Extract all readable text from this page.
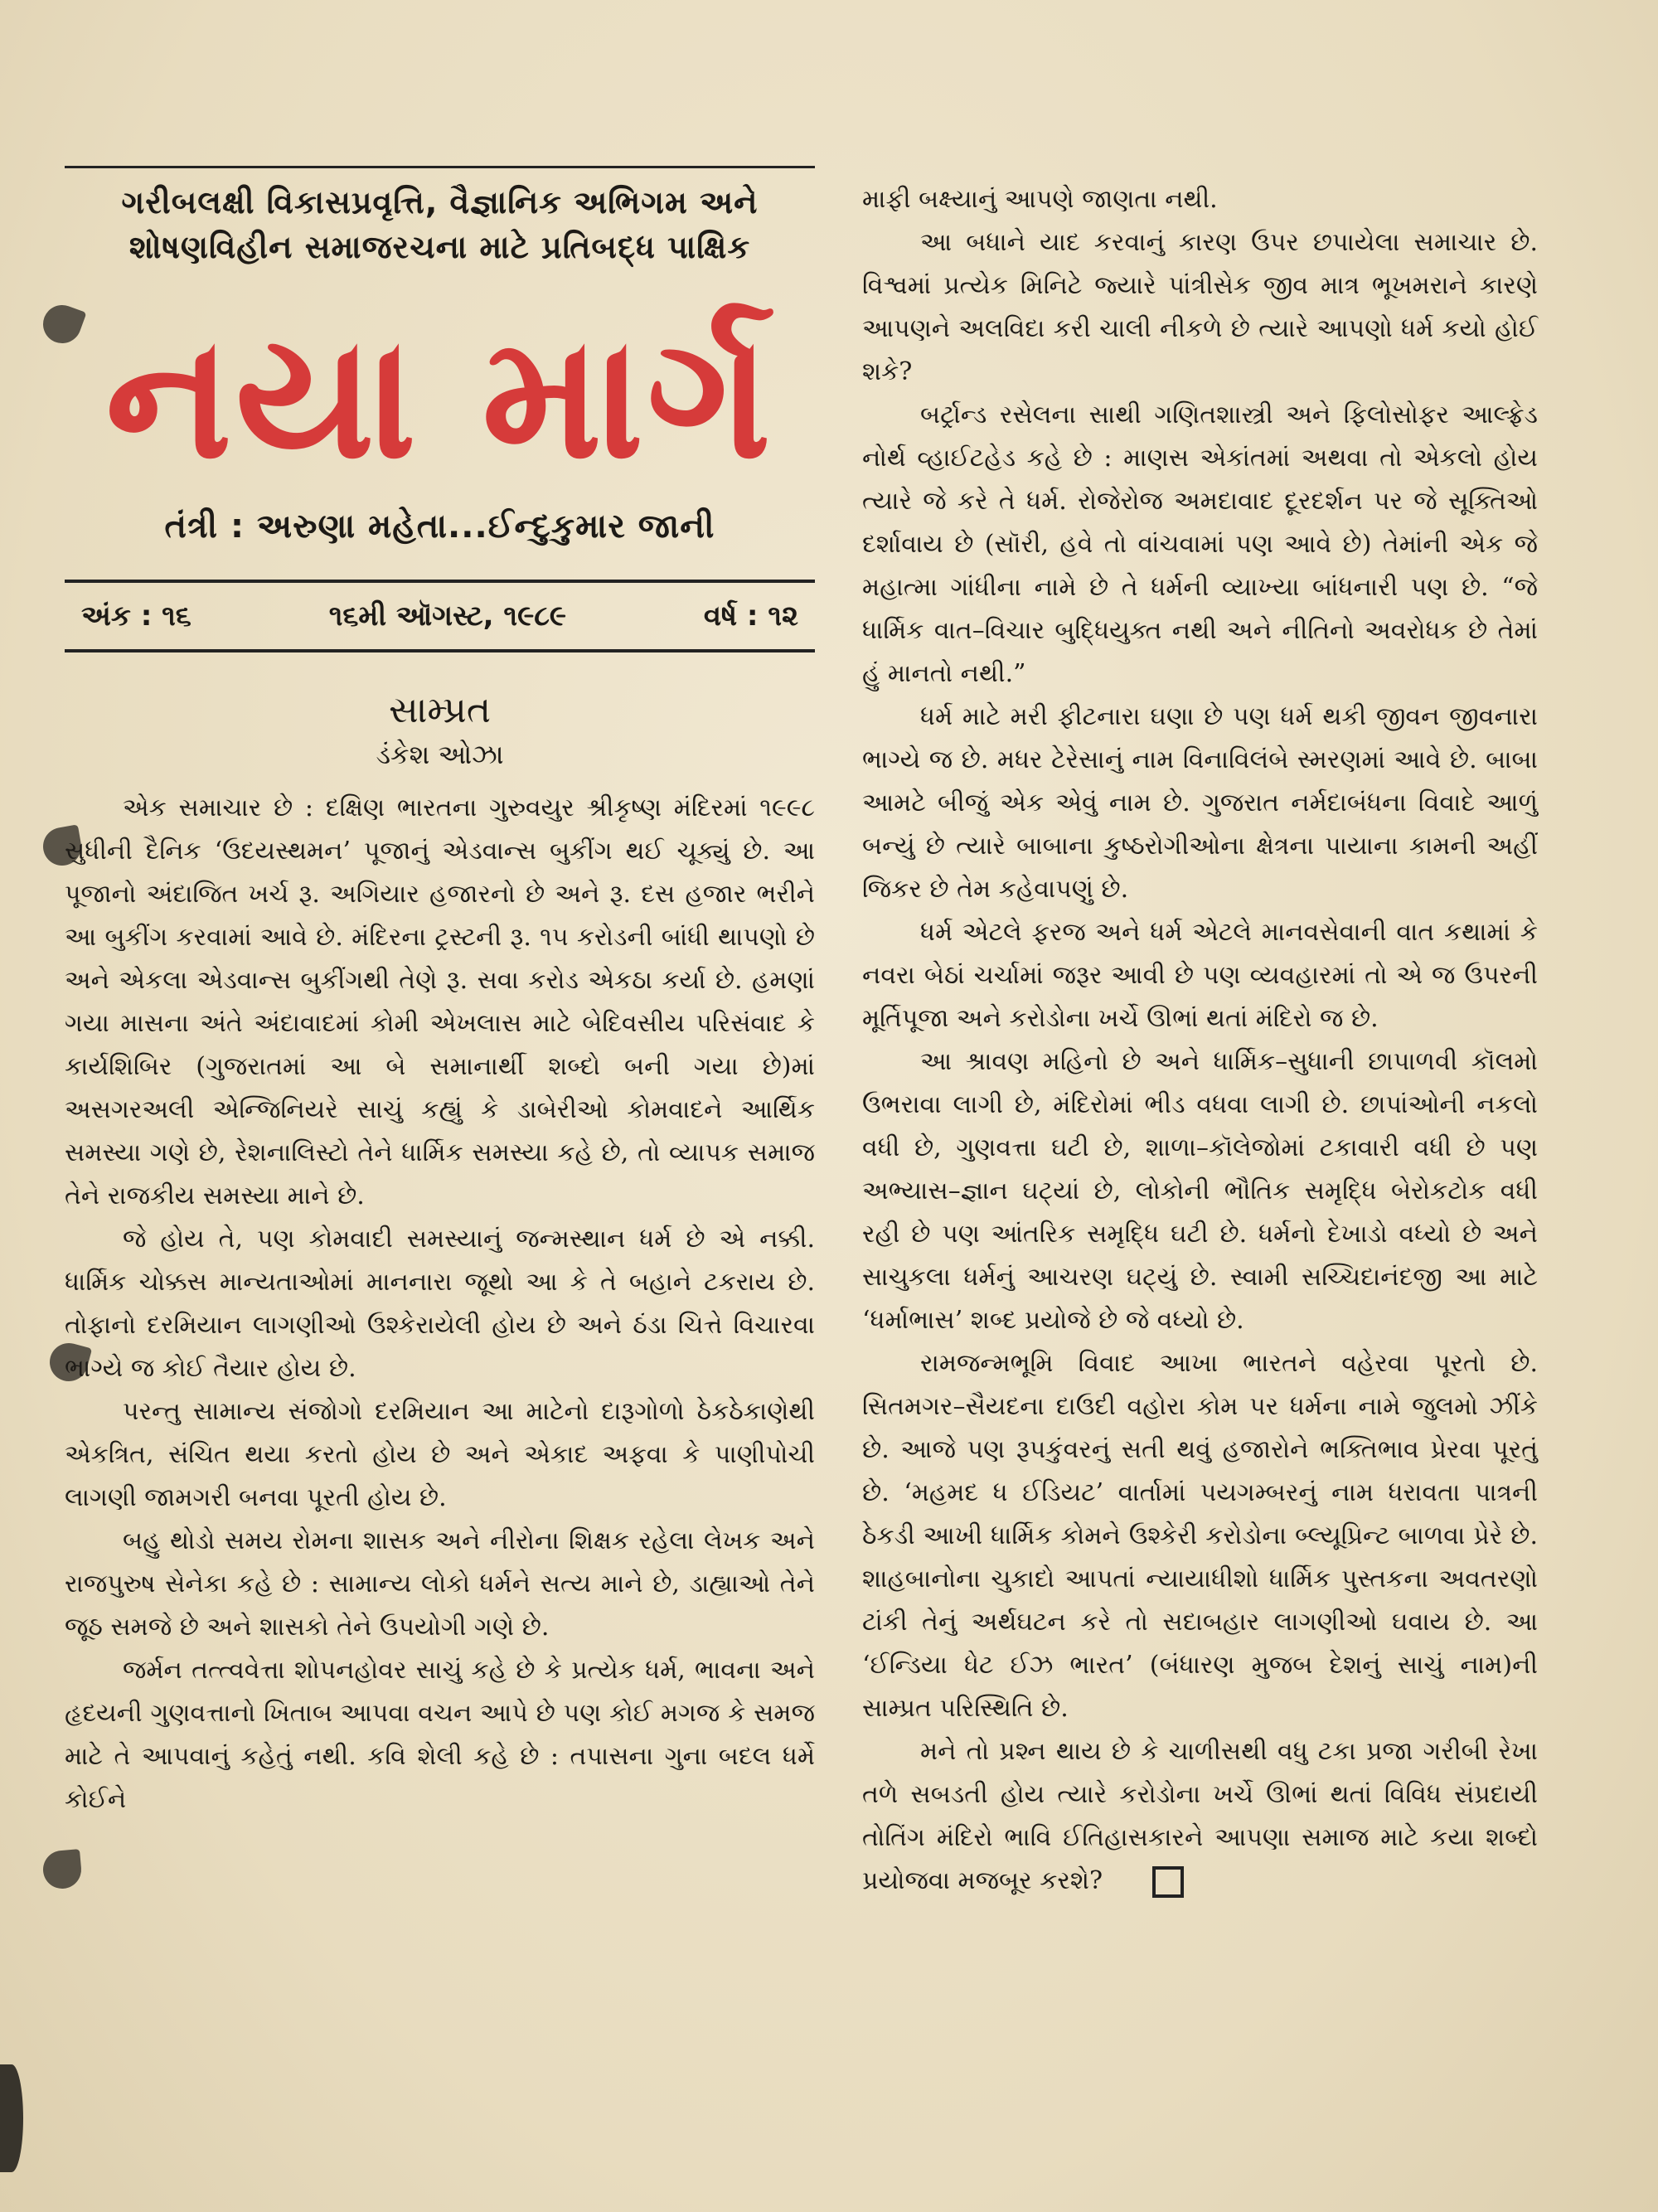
ગરીબલક્ષી વિકાસપ્રવૃત્તિ, વૈજ્ઞાનિક અભિગમ અને
શોષણવિહીન સમાજરચના માટે પ્રતિબદ્ધ પાક્ષિક
નયા માર્ગ
તંત્રી : અરુણા મહેતા...ઈન્દુકુમાર જાની
અંક : ૧૬	૧૬મી ઑગસ્ટ, ૧૯૮૯	વર્ષ : ૧૨
સામ્પ્રત
ડંકેશ ઓઝા

એક સમાચાર છે : દક્ષિણ ભારતના ગુરુવયુર શ્રીકૃષ્ણ મંદિરમાં ૧૯૯૮ સુધીની દૈનિક ‘ઉદયસ્થમન’ પૂજાનું એડવાન્સ બુકીંગ થઈ ચૂક્યું છે. આ પૂજાનો અંદાજિત ખર્ચ રૂ. અગિયાર હજારનો છે અને રૂ. દસ હજાર ભરીને આ બુકીંગ કરવામાં આવે છે. મંદિરના ટ્રસ્ટની રૂ. ૧૫ કરોડની બાંધી થાપણો છે અને એકલા એડવાન્સ બુકીંગથી તેણે રૂ. સવા કરોડ એકઠા કર્યા છે. હમણાં ગયા માસના અંતે અંદાવાદમાં કોમી એખલાસ માટે બેદિવસીય પરિસંવાદ કે કાર્યશિબિર (ગુજરાતમાં આ બે સમાનાર્થી શબ્દો બની ગયા છે)માં અસગરઅલી એન્જિનિયરે સાચું કહ્યું કે ડાબેરીઓ કોમવાદને આર્થિક સમસ્યા ગણે છે, રેશનાલિસ્ટો તેને ધાર્મિક સમસ્યા કહે છે, તો વ્યાપક સમાજ તેને રાજકીય સમસ્યા માને છે.

જે હોય તે, પણ કોમવાદી સમસ્યાનું જન્મસ્થાન ધર્મ છે એ નક્કી. ધાર્મિક ચોક્કસ માન્યતાઓમાં માનનારા જૂથો આ કે તે બહાને ટકરાય છે. તોફાનો દરમિયાન લાગણીઓ ઉશ્કેરાયેલી હોય છે અને ઠંડા ચિત્તે વિચારવા ભાગ્યે જ કોઈ તૈયાર હોય છે.

પરન્તુ સામાન્ય સંજોગો દરમિયાન આ માટેનો દારૂગોળો ઠેકઠેકાણેથી એકત્રિત, સંચિત થયા કરતો હોય છે અને એકાદ અફવા કે પાણીપોચી લાગણી જામગરી બનવા પૂરતી હોય છે.

બહુ થોડો સમય રોમના શાસક અને નીરોના શિક્ષક રહેલા લેખક અને રાજપુરુષ સેનેકા કહે છે : સામાન્ય લોકો ધર્મને સત્ય માને છે, ડાહ્યાઓ તેને જૂઠ સમજે છે અને શાસકો તેને ઉપયોગી ગણે છે.

જર્મન તત્ત્વવેત્તા શોપનહોવર સાચું કહે છે કે પ્રત્યેક ધર્મ, ભાવના અને હૃદયની ગુણવત્તાનો ખિતાબ આપવા વચન આપે છે પણ કોઈ મગજ કે સમજ માટે તે આપવાનું કહેતું નથી. કવિ શેલી કહે છે : તપાસના ગુના બદલ ધર્મે કોઈને

માફી બક્ષ્યાનું આપણે જાણતા નથી.

આ બધાને યાદ કરવાનું કારણ ઉપર છપાયેલા સમાચાર છે. વિશ્વમાં પ્રત્યેક મિનિટે જ્યારે પાંત્રીસેક જીવ માત્ર ભૂખમરાને કારણે આપણને અલવિદા કરી ચાલી નીકળે છે ત્યારે આપણો ધર્મ કયો હોઈ શકે?

બર્ટ્રાન્ડ રસેલના સાથી ગણિતશાસ્ત્રી અને ફિલોસોફર આલ્ફ્રેડ નોર્થ વ્હાઈટહેડ કહે છે : માણસ એકાંતમાં અથવા તો એકલો હોય ત્યારે જે કરે તે ધર્મ. રોજેરોજ અમદાવાદ દૂરદર્શન પર જે સૂક્તિઓ દર્શાવાય છે (સૉરી, હવે તો વાંચવામાં પણ આવે છે) તેમાંની એક જે મહાત્મા ગાંધીના નામે છે તે ધર્મની વ્યાખ્યા બાંધનારી પણ છે. “જે ધાર્મિક વાત–વિચાર બુદ્ધિયુક્ત નથી અને નીતિનો અવરોધક છે તેમાં હું માનતો નથી.”

ધર્મ માટે મરી ફીટનારા ઘણા છે પણ ધર્મ થકી જીવન જીવનારા ભાગ્યે જ છે. મધર ટેરેસાનું નામ વિનાવિલંબે સ્મરણમાં આવે છે. બાબા આમટે બીજું એક એવું નામ છે. ગુજરાત નર્મદાબંધના વિવાદે આળું બન્યું છે ત્યારે બાબાના કુષ્ઠરોગીઓના ક્ષેત્રના પાયાના કામની અહીં જિકર છે તેમ કહેવાપણું છે.

ધર્મ એટલે ફરજ અને ધર્મ એટલે માનવસેવાની વાત કથામાં કે નવરા બેઠાં ચર્ચામાં જરૂર આવી છે પણ વ્યવહારમાં તો એ જ ઉપરની મૂર્તિપૂજા અને કરોડોના ખર્ચે ઊભાં થતાં મંદિરો જ છે.

આ શ્રાવણ મહિનો છે અને ધાર્મિક–સુધાની છાપાળવી કૉલમો ઉભરાવા લાગી છે, મંદિરોમાં ભીડ વધવા લાગી છે. છાપાંઓની નકલો વધી છે, ગુણવત્તા ઘટી છે, શાળા–કૉલેજોમાં ટકાવારી વધી છે પણ અભ્યાસ–જ્ઞાન ઘટ્યાં છે, લોકોની ભૌતિક સમૃદ્ધિ બેરોકટોક વધી રહી છે પણ આંતરિક સમૃદ્ધિ ઘટી છે. ધર્મનો દેખાડો વધ્યો છે અને સાચુકલા ધર્મનું આચરણ ઘટ્યું છે. સ્વામી સચ્ચિદાનંદજી આ માટે ‘ધર્માભાસ’ શબ્દ પ્રયોજે છે જે વધ્યો છે.

રામજન્મભૂમિ વિવાદ આખા ભારતને વહેરવા પૂરતો છે. સિતમગર–સૈયદના દાઉદી વહોરા કોમ પર ધર્મના નામે જુલમો ઝીંકે છે. આજે પણ રૂપકુંવરનું સતી થવું હજારોને ભક્તિભાવ પ્રેરવા પૂરતું છે. ‘મહમદ ધ ઈડિયટ’ વાર્તામાં પયગમ્બરનું નામ ધરાવતા પાત્રની ઠેકડી આખી ધાર્મિક કોમને ઉશ્કેરી કરોડોના બ્લ્યૂપ્રિન્ટ બાળવા પ્રેરે છે. શાહબાનોના ચુકાદો આપતાં ન્યાયાધીશો ધાર્મિક પુસ્તકના અવતરણો ટાંકી તેનું અર્થઘટન કરે તો સદાબહાર લાગણીઓ ઘવાય છે. આ ‘ઈન્ડિયા ધેટ ઈઝ ભારત’ (બંધારણ મુજબ દેશનું સાચું નામ)ની સામ્પ્રત પરિસ્થિતિ છે.

મને તો પ્રશ્ન થાય છે કે ચાળીસથી વધુ ટકા પ્રજા ગરીબી રેખા તળે સબડતી હોય ત્યારે કરોડોના ખર્ચે ઊભાં થતાં વિવિધ સંપ્રદાયી તોતિંગ મંદિરો ભાવિ ઈતિહાસકારને આપણા સમાજ માટે કયા શબ્દો પ્રયોજવા મજબૂર કરશે?
